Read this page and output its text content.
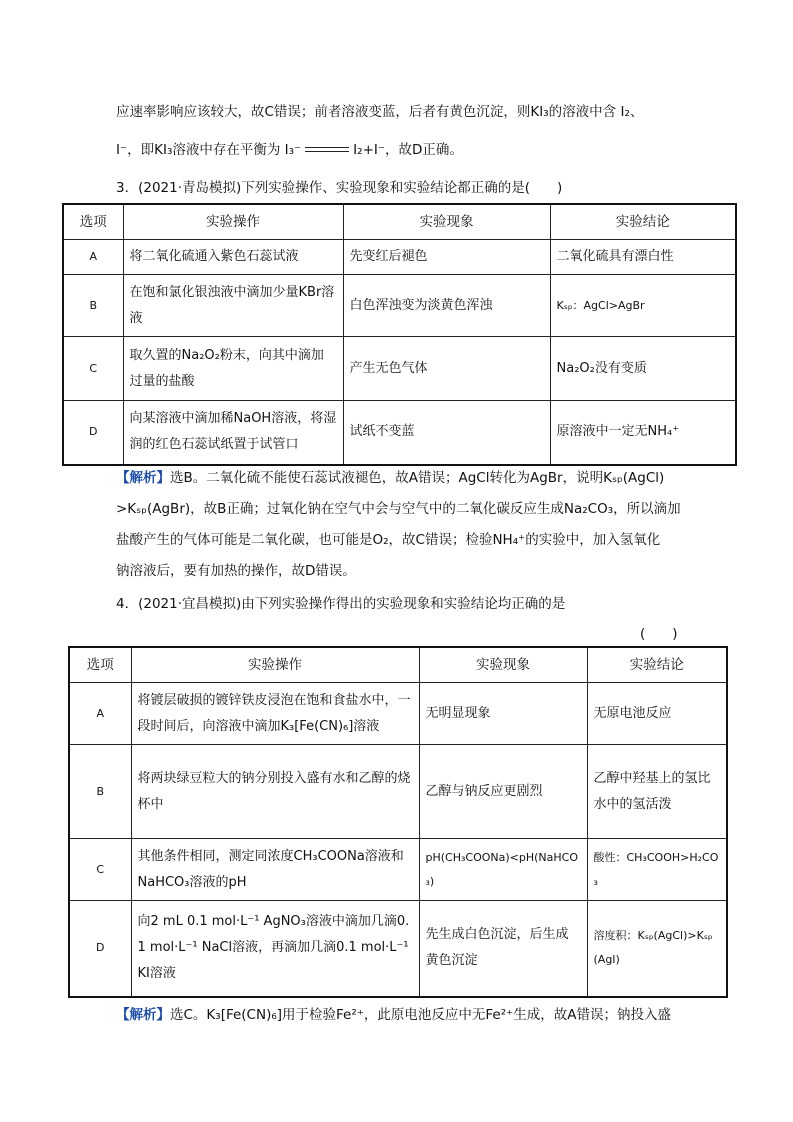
应速率影响应该较大，故C错误；前者溶液变蓝，后者有黄色沉淀，则KI₃的溶液中含 I₂、
I⁻，即KI₃溶液中存在平衡为 I₃⁻	I₂+I⁻，故D正确。
3．(2021·青岛模拟)下列实验操作、实验现象和实验结论都正确的是(　　)
选项	实验操作	实验现象	实验结论
A	将二氧化硫通入紫色石蕊试液	先变红后褪色	二氧化硫具有漂白性
B	在饱和氯化银浊液中滴加少量KBr溶液	白色浑浊变为淡黄色浑浊	Kₛₚ：AgCl>AgBr
C	取久置的Na₂O₂粉末，向其中滴加过量的盐酸	产生无色气体	Na₂O₂没有变质
D	向某溶液中滴加稀NaOH溶液，将湿润的红色石蕊试纸置于试管口	试纸不变蓝	原溶液中一定无NH₄⁺
【解析】选B。二氧化硫不能使石蕊试液褪色，故A错误；AgCl转化为AgBr，说明Kₛₚ(AgCl)
>Kₛₚ(AgBr)，故B正确；过氧化钠在空气中会与空气中的二氧化碳反应生成Na₂CO₃，所以滴加
盐酸产生的气体可能是二氧化碳，也可能是O₂，故C错误；检验NH₄⁺的实验中，加入氢氧化
钠溶液后，要有加热的操作，故D错误。
4．(2021·宜昌模拟)由下列实验操作得出的实验现象和实验结论均正确的是
(　　)
选项	实验操作	实验现象	实验结论
A	将镀层破损的镀锌铁皮浸泡在饱和食盐水中，一段时间后，向溶液中滴加K₃[Fe(CN)₆]溶液	无明显现象	无原电池反应
B	将两块绿豆粒大的钠分别投入盛有水和乙醇的烧杯中	乙醇与钠反应更剧烈	乙醇中羟基上的氢比水中的氢活泼
C	其他条件相同，测定同浓度CH₃COONa溶液和NaHCO₃溶液的pH	pH(CH₃COONa)<pH(NaHCO₃)	酸性：CH₃COOH>H₂CO₃
D	向2 mL 0.1 mol·L⁻¹ AgNO₃溶液中滴加几滴0.1 mol·L⁻¹ NaCl溶液，再滴加几滴0.1 mol·L⁻¹ KI溶液	先生成白色沉淀，后生成黄色沉淀	溶度积：Kₛₚ(AgCl)>Kₛₚ(AgI)
【解析】选C。K₃[Fe(CN)₆]用于检验Fe²⁺，此原电池反应中无Fe²⁺生成，故A错误；钠投入盛
